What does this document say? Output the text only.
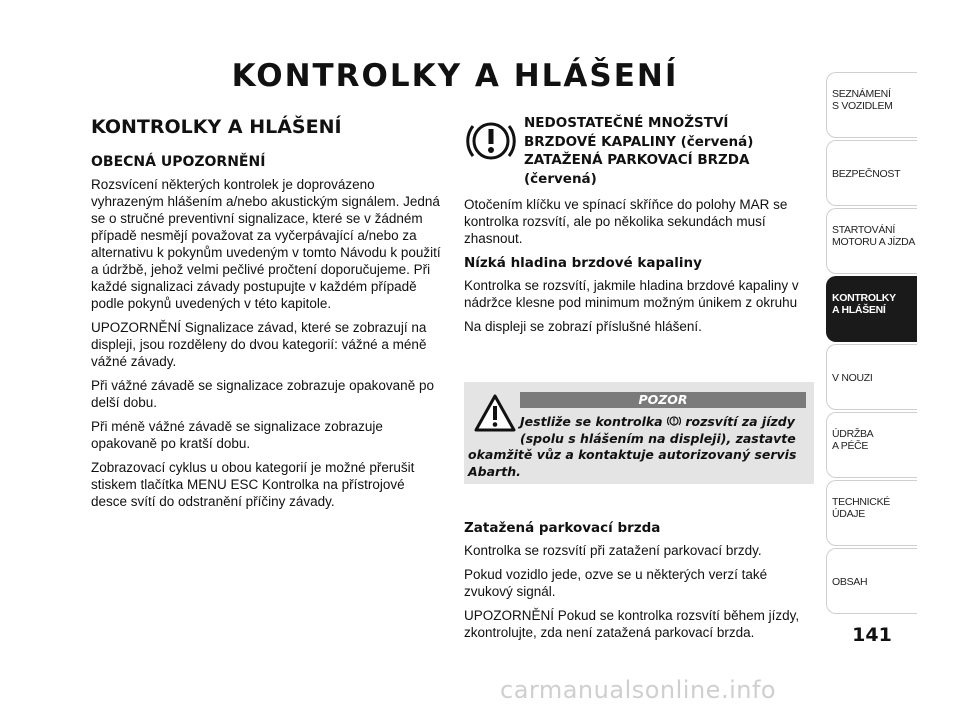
KONTROLKY A HLÁŠENÍ
KONTROLKY A HLÁŠENÍ
OBECNÁ UPOZORNĚNÍ

Rozsvícení některých kontrolek je doprovázeno vyhrazeným hlášením a/nebo akustickým signálem. Jedná se o stručné preventivní signalizace, které se v žádném případě nesmějí považovat za vyčerpávající a/nebo za alternativu k pokynům uvedeným v tomto Návodu k použití a údržbě, jehož velmi pečlivé pročtení doporučujeme. Při každé signalizaci závady postupujte v každém případě podle pokynů uvedených v této kapitole.

UPOZORNĚNÍ Signalizace závad, které se zobrazují na displeji, jsou rozděleny do dvou kategorií: vážné a méně vážné závady.

Při vážné závadě se signalizace zobrazuje opakovaně po delší dobu.

Při méně vážné závadě se signalizace zobrazuje opakovaně po kratší dobu.

Zobrazovací cyklus u obou kategorií je možné přerušit stiskem tlačítka MENU ESC Kontrolka na přístrojové desce svítí do odstranění příčiny závady.

NEDOSTATEČNÉ MNOŽSTVÍ
BRZDOVÉ KAPALINY (červená)
ZATAŽENÁ PARKOVACÍ BRZDA
(červená)

Otočením klíčku ve spínací skříňce do polohy MAR se kontrolka rozsvítí, ale po několika sekundách musí zhasnout.

Nízká hladina brzdové kapaliny

Kontrolka se rozsvítí, jakmile hladina brzdové kapaliny v nádržce klesne pod minimum možným únikem z okruhu

Na displeji se zobrazí příslušné hlášení.

POZOR
Jestliže se kontrolka rozsvítí za jízdy
(spolu s hlášením na displeji), zastavte
okamžitě vůz a kontaktuje autorizovaný servis Abarth.
Zatažená parkovací brzda

Kontrolka se rozsvítí při zatažení parkovací brzdy.

Pokud vozidlo jede, ozve se u některých verzí také zvukový signál.

UPOZORNĚNÍ Pokud se kontrolka rozsvítí během jízdy, zkontrolujte, zda není zatažená parkovací brzda.

SEZNÁMENÍ
S VOZIDLEM
BEZPEČNOST
STARTOVÁNÍ
MOTORU A JÍZDA
KONTROLKY
A HLÁŠENÍ
V NOUZI
ÚDRŽBA
A PÉČE
TECHNICKÉ
ÚDAJE
OBSAH
141
carmanualsonline.info
